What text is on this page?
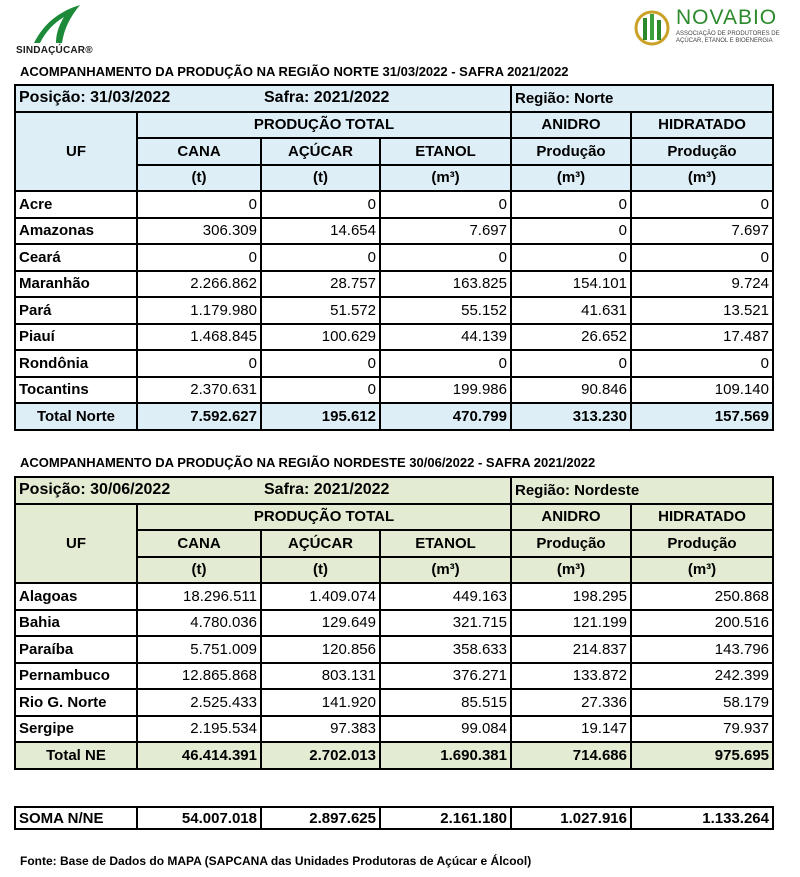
SINDAÇÚCAR®
NOVABIO
ASSOCIAÇÃO DE PRODUTORES DE AÇÚCAR, ETANOL E BIOENERGIA
ACOMPANHAMENTO DA PRODUÇÃO NA REGIÃO NORTE 31/03/2022 - SAFRA 2021/2022
Posição: 31/03/2022		Safra: 2021/2022		Região: Norte	
UF	PRODUÇÃO TOTAL			ANIDRO	HIDRATADO
	CANA	AÇÚCAR	ETANOL	Produção	Produção
	(t)	(t)	(m³)	(m³)	(m³)
Acre	0	0	0	0	0
Amazonas	306.309	14.654	7.697	0	7.697
Ceará	0	0	0	0	0
Maranhão	2.266.862	28.757	163.825	154.101	9.724
Pará	1.179.980	51.572	55.152	41.631	13.521
Piauí	1.468.845	100.629	44.139	26.652	17.487
Rondônia	0	0	0	0	0
Tocantins	2.370.631	0	199.986	90.846	109.140
Total Norte	7.592.627	195.612	470.799	313.230	157.569
ACOMPANHAMENTO DA PRODUÇÃO NA REGIÃO NORDESTE 30/06/2022 - SAFRA 2021/2022
Posição: 30/06/2022		Safra: 2021/2022		Região: Nordeste	
UF	PRODUÇÃO TOTAL			ANIDRO	HIDRATADO
	CANA	AÇÚCAR	ETANOL	Produção	Produção
	(t)	(t)	(m³)	(m³)	(m³)
Alagoas	18.296.511	1.409.074	449.163	198.295	250.868
Bahia	4.780.036	129.649	321.715	121.199	200.516
Paraíba	5.751.009	120.856	358.633	214.837	143.796
Pernambuco	12.865.868	803.131	376.271	133.872	242.399
Rio G. Norte	2.525.433	141.920	85.515	27.336	58.179
Sergipe	2.195.534	97.383	99.084	19.147	79.937
Total NE	46.414.391	2.702.013	1.690.381	714.686	975.695
SOMA N/NE	54.007.018	2.897.625	2.161.180	1.027.916	1.133.264
Fonte: Base de Dados do MAPA (SAPCANA das Unidades Produtoras de Açúcar e Álcool)
